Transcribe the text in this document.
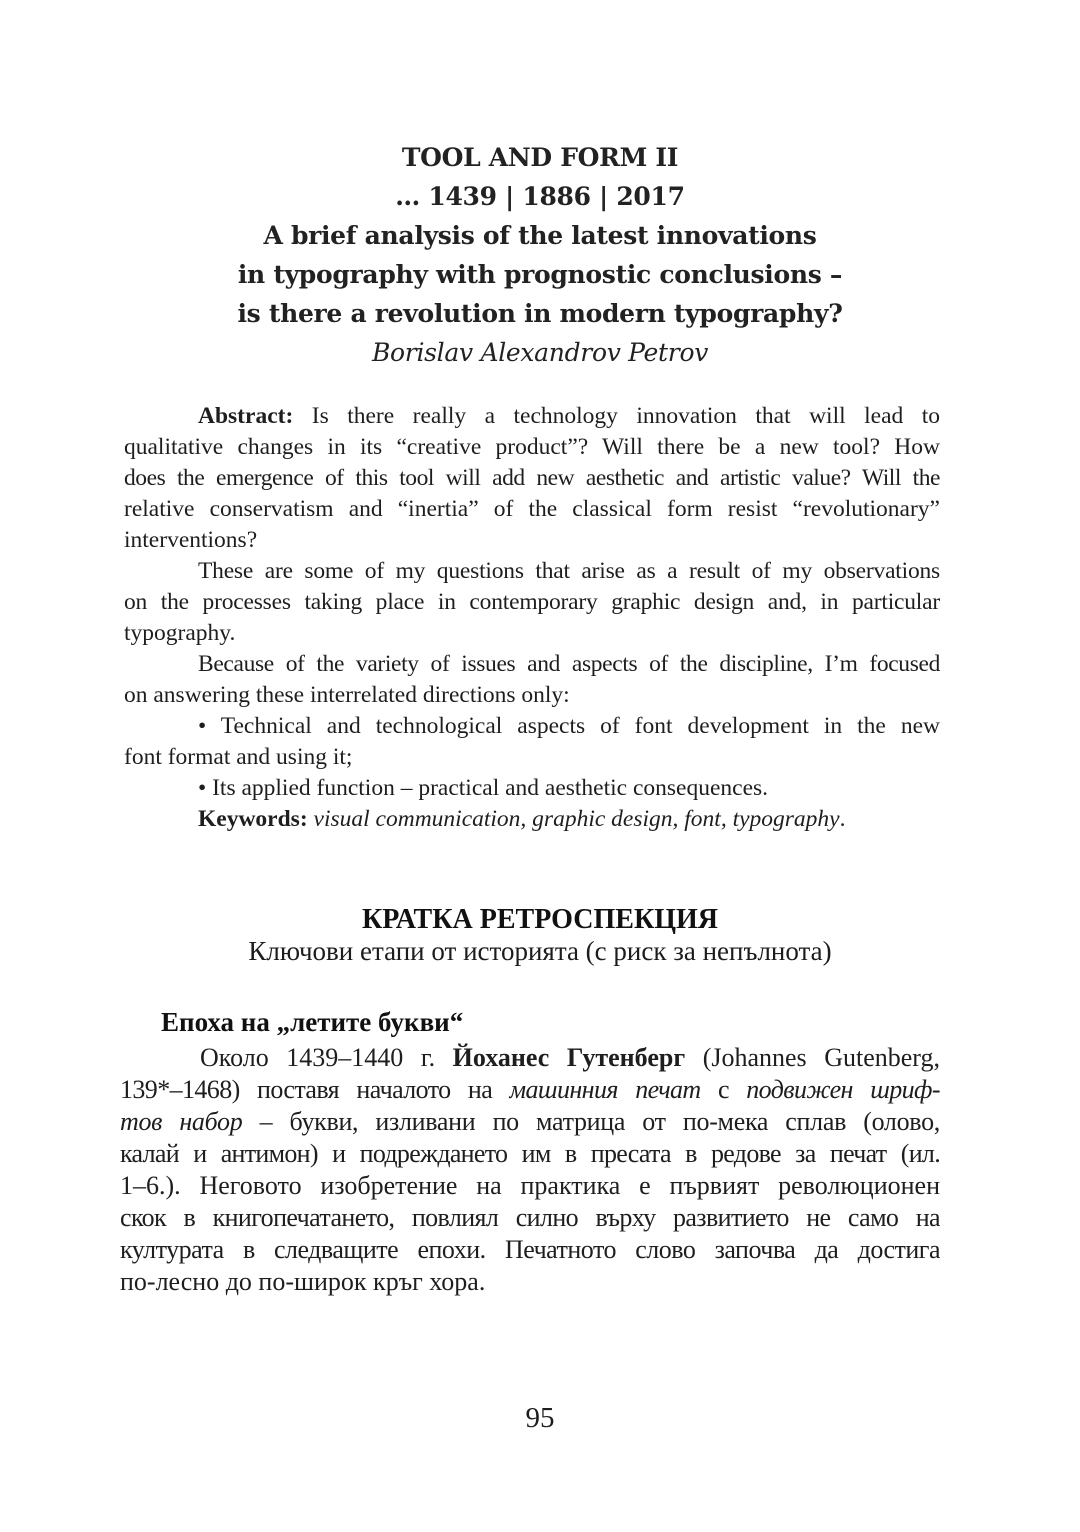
TOOL AND FORM II
… 1439 | 1886 | 2017
A brief analysis of the latest innovations
in typography with prognostic conclusions –
is there a revolution in modern typography?
Borislav Alexandrov Petrov
Abstract: Is there really a technology innovation that will lead to
qualitative changes in its “creative product”? Will there be a new tool? How
does the emergence of this tool will add new aesthetic and artistic value? Will the
relative conservatism and “inertia” of the classical form resist “revolutionary”
interventions?
These are some of my questions that arise as a result of my observations
on the processes taking place in contemporary graphic design and, in particular
typography.
Because of the variety of issues and aspects of the discipline, I’m focused
on answering these interrelated directions only:
• Technical and technological aspects of font development in the new
font format and using it;
• Its applied function – practical and aesthetic consequences.
Keywords: visual communication, graphic design, font, typography.
КРАТКА РЕТРОСПЕКЦИЯ
Ключови етапи от историята (с риск за непълнота)
Епоха на „летите букви“
Около 1439–1440 г. Йоханес Гутенберг (Johannes Gutenberg,
139*–1468) поставя началото на машинния печат с подвижен шриф-
тов набор – букви, изливани по матрица от по-мека сплав (олово,
калай и антимон) и подреждането им в пресата в редове за печат (ил.
1–6.). Неговото изобретение на практика е първият революционен
скок в книгопечатането, повлиял силно върху развитието не само на
културата в следващите епохи. Печатното слово започва да достига
по-лесно до по-широк кръг хора.
95
